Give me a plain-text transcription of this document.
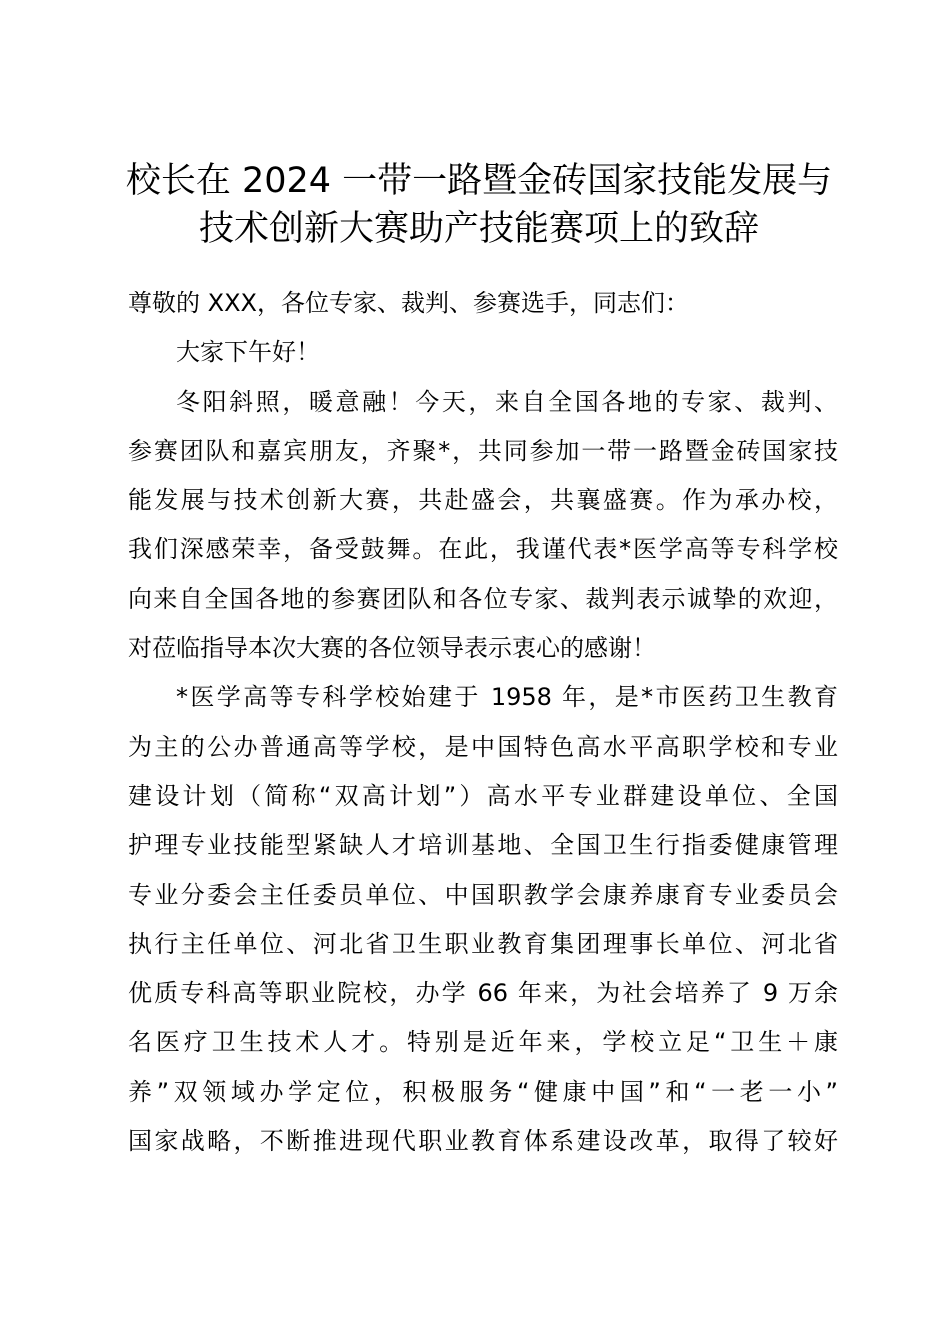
校长在 2024 一带一路暨金砖国家技能发展与
技术创新大赛助产技能赛项上的致辞
尊敬的 XXX，各位专家、裁判、参赛选手，同志们：
大家下午好！
冬阳斜照，暖意融！今天，来自全国各地的专家、裁判、
参赛团队和嘉宾朋友，齐聚*，共同参加一带一路暨金砖国家技
能发展与技术创新大赛，共赴盛会，共襄盛赛。作为承办校，
我们深感荣幸，备受鼓舞。在此，我谨代表*医学高等专科学校
向来自全国各地的参赛团队和各位专家、裁判表示诚挚的欢迎，
对莅临指导本次大赛的各位领导表示衷心的感谢！
*医学高等专科学校始建于 1958 年，是*市医药卫生教育
为主的公办普通高等学校，是中国特色高水平高职学校和专业
建设计划（简称“双高计划”）高水平专业群建设单位、全国
护理专业技能型紧缺人才培训基地、全国卫生行指委健康管理
专业分委会主任委员单位、中国职教学会康养康育专业委员会
执行主任单位、河北省卫生职业教育集团理事长单位、河北省
优质专科高等职业院校，办学 66 年来，为社会培养了 9 万余
名医疗卫生技术人才。特别是近年来，学校立足“卫生＋康
养”双领域办学定位，积极服务“健康中国”和“一老一小”
国家战略，不断推进现代职业教育体系建设改革，取得了较好
